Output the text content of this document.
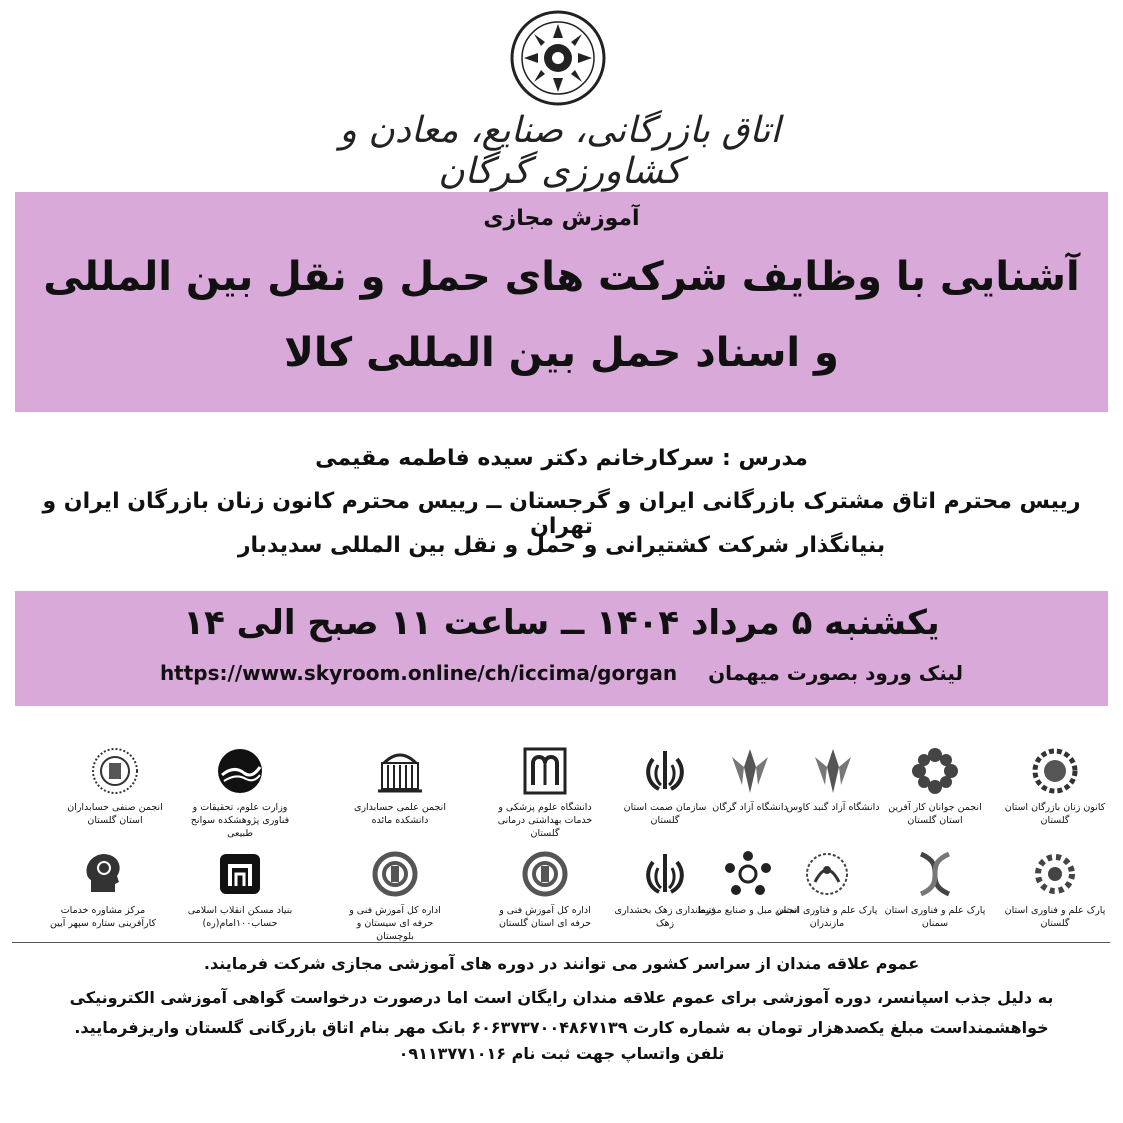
اتاق بازرگانی، صنایع، معادن و کشاورزی گرگان
آموزش مجازی
آشنایی با وظایف شرکت های حمل و نقل بین المللی
و اسناد حمل بین المللی کالا
مدرس : سرکارخانم دکتر سیده فاطمه مقیمی
رییس محترم اتاق مشترک بازرگانی ایران و گرجستان ــ رییس محترم کانون زنان بازرگان ایران و تهران
بنیانگذار شرکت کشتیرانی و حمل و نقل بین المللی سدیدبار
یکشنبه ۵ مرداد ۱۴۰۴ ــ ساعت ۱۱ صبح الی ۱۴
https://www.skyroom.online/ch/iccima/gorgan لینک ورود بصورت میهمان
کانون زنان بازرگان استان گلستان
انجمن جوانان کار آفرین استان گلستان
دانشگاه آزاد گنبد کاوس
دانشگاه آزاد گرگان
سازمان صمت استان گلستان
دانشگاه علوم پزشکی و خدمات بهداشتی درمانی گلستان
انجمن علمی حسابداری دانشکده مائده
وزارت علوم، تحقیقات و فناوری پژوهشکده سوانح طبیعی
انجمن صنفی حسابداران استان گلستان
پارک علم و فناوری استان گلستان
پارک علم و فناوری استان سمنان
پارک علم و فناوری استان مازندران
انجمن مبل و صنایع مرتبط
فرمانداری زهک بخشداری زهک
اداره کل آموزش فنی و حرفه ای استان گلستان
اداره کل آموزش فنی و حرفه ای سیستان و بلوچستان
بنیاد مسکن انقلاب اسلامی حساب۱۰۰امام(ره)
مرکز مشاوره خدمات کارآفرینی ستاره سپهر آیین
عموم علاقه مندان از سراسر کشور می توانند در دوره های آموزشی مجازی شرکت فرمایند.
به دلیل جذب اسپانسر، دوره آموزشی برای عموم علاقه مندان رایگان است اما درصورت درخواست گواهی آموزشی الکترونیکی
خواهشمنداست مبلغ یکصدهزار تومان به شماره کارت ۶۰۶۳۷۳۷۰۰۴۸۶۷۱۳۹ بانک مهر بنام اتاق بازرگانی گلستان واریزفرمایید.
تلفن واتساپ جهت ثبت نام ۰۹۱۱۳۷۷۱۰۱۶
